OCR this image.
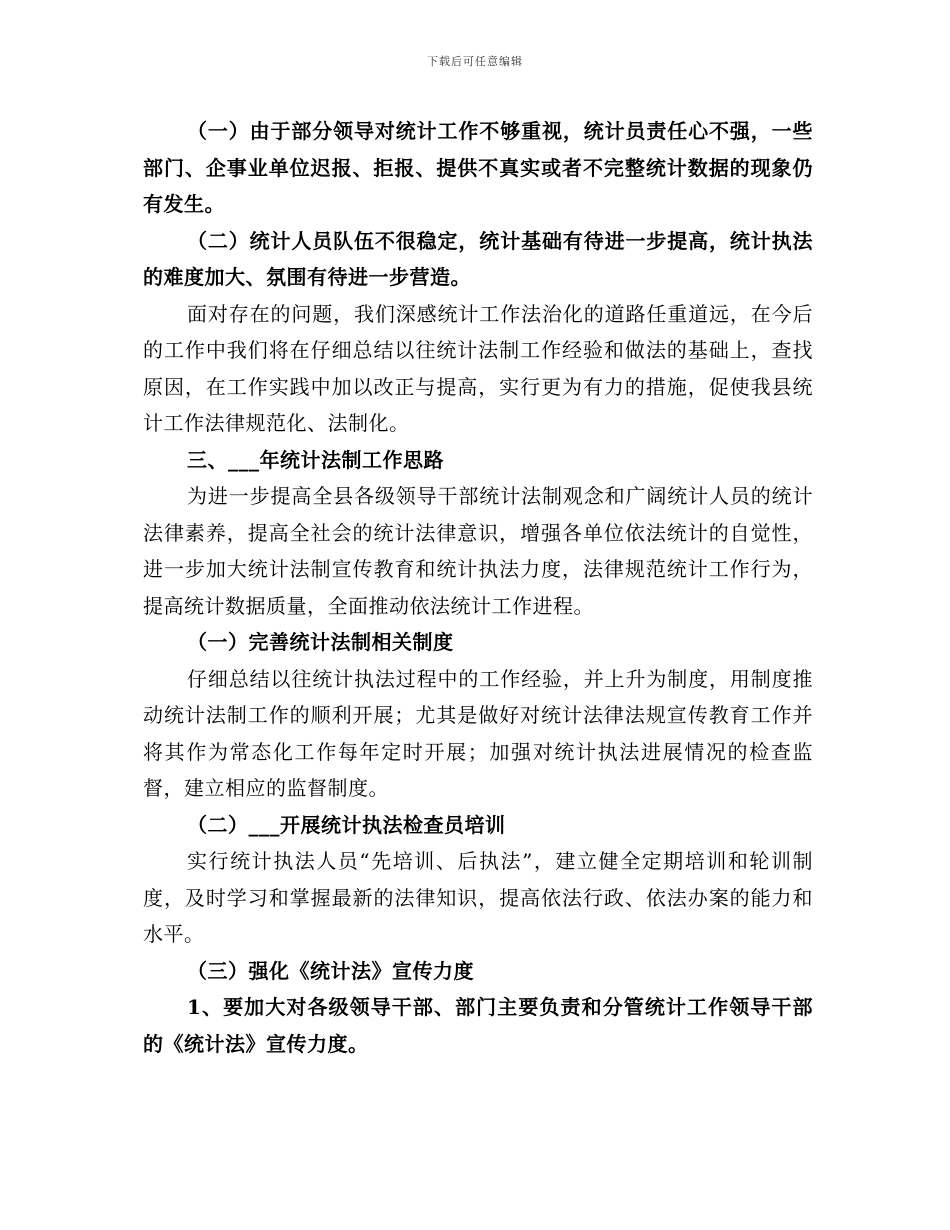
下载后可任意编辑

（一）由于部分领导对统计工作不够重视，统计员责任心不强，一些部门、企事业单位迟报、拒报、提供不真实或者不完整统计数据的现象仍有发生。

（二）统计人员队伍不很稳定，统计基础有待进一步提高，统计执法的难度加大、氛围有待进一步营造。

面对存在的问题，我们深感统计工作法治化的道路任重道远，在今后的工作中我们将在仔细总结以往统计法制工作经验和做法的基础上，查找原因，在工作实践中加以改正与提高，实行更为有力的措施，促使我县统计工作法律规范化、法制化。

三、___年统计法制工作思路

为进一步提高全县各级领导干部统计法制观念和广阔统计人员的统计法律素养，提高全社会的统计法律意识，增强各单位依法统计的自觉性，进一步加大统计法制宣传教育和统计执法力度，法律规范统计工作行为，提高统计数据质量，全面推动依法统计工作进程。

（一）完善统计法制相关制度

仔细总结以往统计执法过程中的工作经验，并上升为制度，用制度推动统计法制工作的顺利开展；尤其是做好对统计法律法规宣传教育工作并将其作为常态化工作每年定时开展；加强对统计执法进展情况的检查监督，建立相应的监督制度。

（二）___开展统计执法检查员培训

实行统计执法人员“先培训、后执法”，建立健全定期培训和轮训制度，及时学习和掌握最新的法律知识，提高依法行政、依法办案的能力和水平。

（三）强化《统计法》宣传力度

1、要加大对各级领导干部、部门主要负责和分管统计工作领导干部的《统计法》宣传力度。
